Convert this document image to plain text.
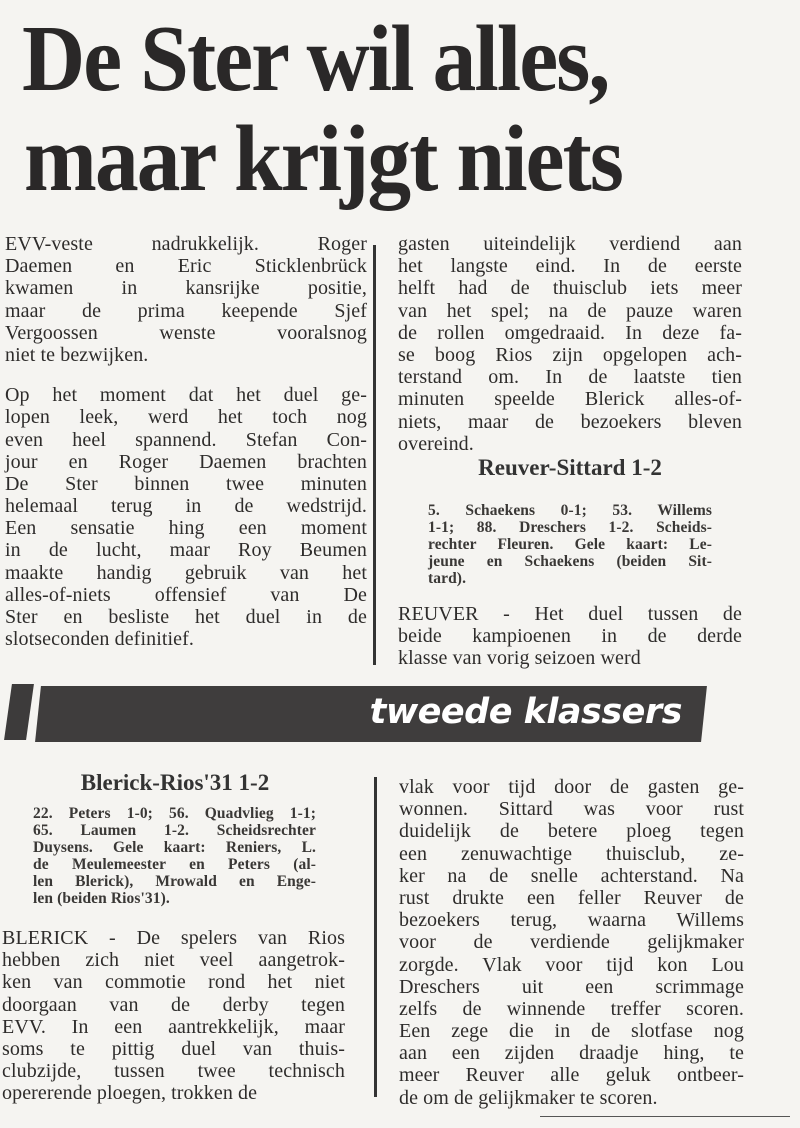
De Ster wil alles,
maar krijgt niets
EVV-veste nadrukkelijk. Roger
Daemen en Eric Sticklenbrück
kwamen in kansrijke positie,
maar de prima keepende Sjef
Vergoossen wenste vooralsnog
niet te bezwijken.
Op het moment dat het duel ge-
lopen leek, werd het toch nog
even heel spannend. Stefan Con-
jour en Roger Daemen brachten
De Ster binnen twee minuten
helemaal terug in de wedstrijd.
Een sensatie hing een moment
in de lucht, maar Roy Beumen
maakte handig gebruik van het
alles-of-niets offensief van De
Ster en besliste het duel in de
slotseconden definitief.
gasten uiteindelijk verdiend aan
het langste eind. In de eerste
helft had de thuisclub iets meer
van het spel; na de pauze waren
de rollen omgedraaid. In deze fa-
se boog Rios zijn opgelopen ach-
terstand om. In de laatste tien
minuten speelde Blerick alles-of-
niets, maar de bezoekers bleven
overeind.
Reuver-Sittard 1-2
5. Schaekens 0-1; 53. Willems
1-1; 88. Dreschers 1-2. Scheids-
rechter Fleuren. Gele kaart: Le-
jeune en Schaekens (beiden Sit-
tard).
REUVER - Het duel tussen de
beide kampioenen in de derde
klasse van vorig seizoen werd
tweede klassers
Blerick-Rios'31 1-2
22. Peters 1-0; 56. Quadvlieg 1-1;
65. Laumen 1-2. Scheidsrechter
Duysens. Gele kaart: Reniers, L.
de Meulemeester en Peters (al-
len Blerick), Mrowald en Enge-
len (beiden Rios'31).
BLERICK - De spelers van Rios
hebben zich niet veel aangetrok-
ken van commotie rond het niet
doorgaan van de derby tegen
EVV. In een aantrekkelijk, maar
soms te pittig duel van thuis-
clubzijde, tussen twee technisch
opererende ploegen, trokken de
vlak voor tijd door de gasten ge-
wonnen. Sittard was voor rust
duidelijk de betere ploeg tegen
een zenuwachtige thuisclub, ze-
ker na de snelle achterstand. Na
rust drukte een feller Reuver de
bezoekers terug, waarna Willems
voor de verdiende gelijkmaker
zorgde. Vlak voor tijd kon Lou
Dreschers uit een scrimmage
zelfs de winnende treffer scoren.
Een zege die in de slotfase nog
aan een zijden draadje hing, te
meer Reuver alle geluk ontbeer-
de om de gelijkmaker te scoren.
